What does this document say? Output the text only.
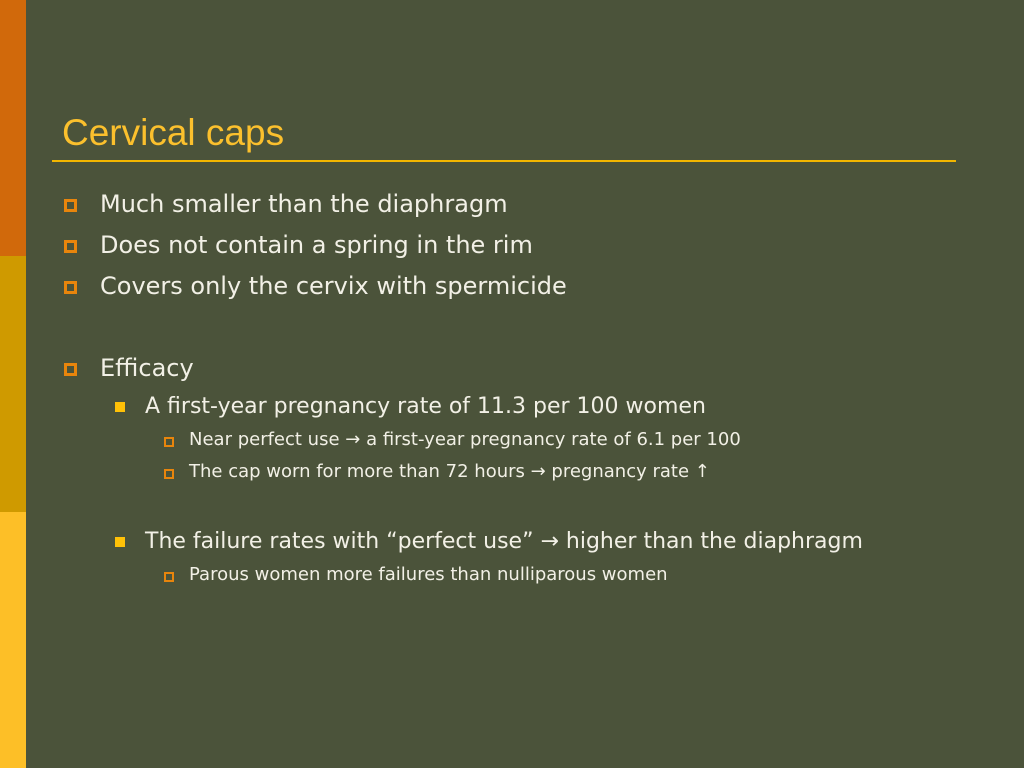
Cervical caps
Much smaller than the diaphragm
Does not contain a spring in the rim
Covers only the cervix with spermicide
Efficacy
A first-year pregnancy rate of 11.3 per 100 women
Near perfect use → a first-year pregnancy rate of 6.1 per 100
The cap worn for more than 72 hours → pregnancy rate ↑
The failure rates with “perfect use” → higher than the diaphragm
Parous women more failures than nulliparous women
